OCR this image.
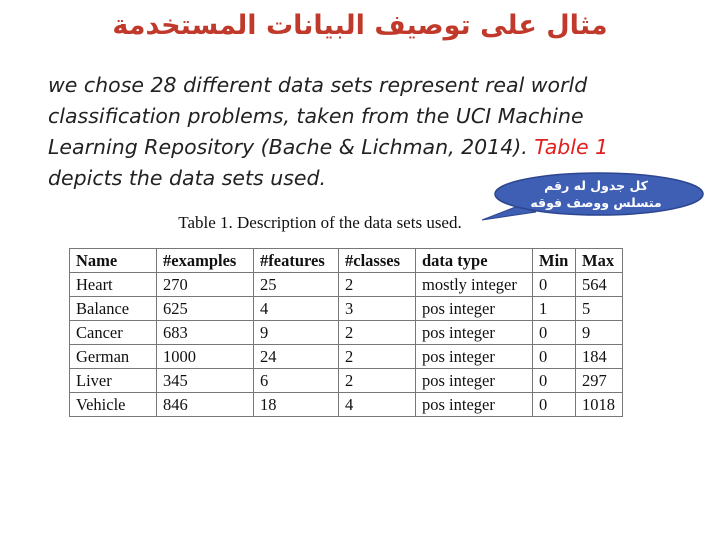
مثال على توصيف البيانات المستخدمة
we chose 28 different data sets represent real world classification problems, taken from the UCI Machine Learning Repository (Bache & Lichman, 2014). Table 1 depicts the data sets used.	كل جدول له رقم
متسلس ووصف فوقه
Table 1. Description of the data sets used.
Name	#examples	#features	#classes	data type	Min	Max
Heart	270	25	2	mostly integer	0	564
Balance	625	4	3	pos integer	1	5
Cancer	683	9	2	pos integer	0	9
German	1000	24	2	pos integer	0	184
Liver	345	6	2	pos integer	0	297
Vehicle	846	18	4	pos integer	0	1018
